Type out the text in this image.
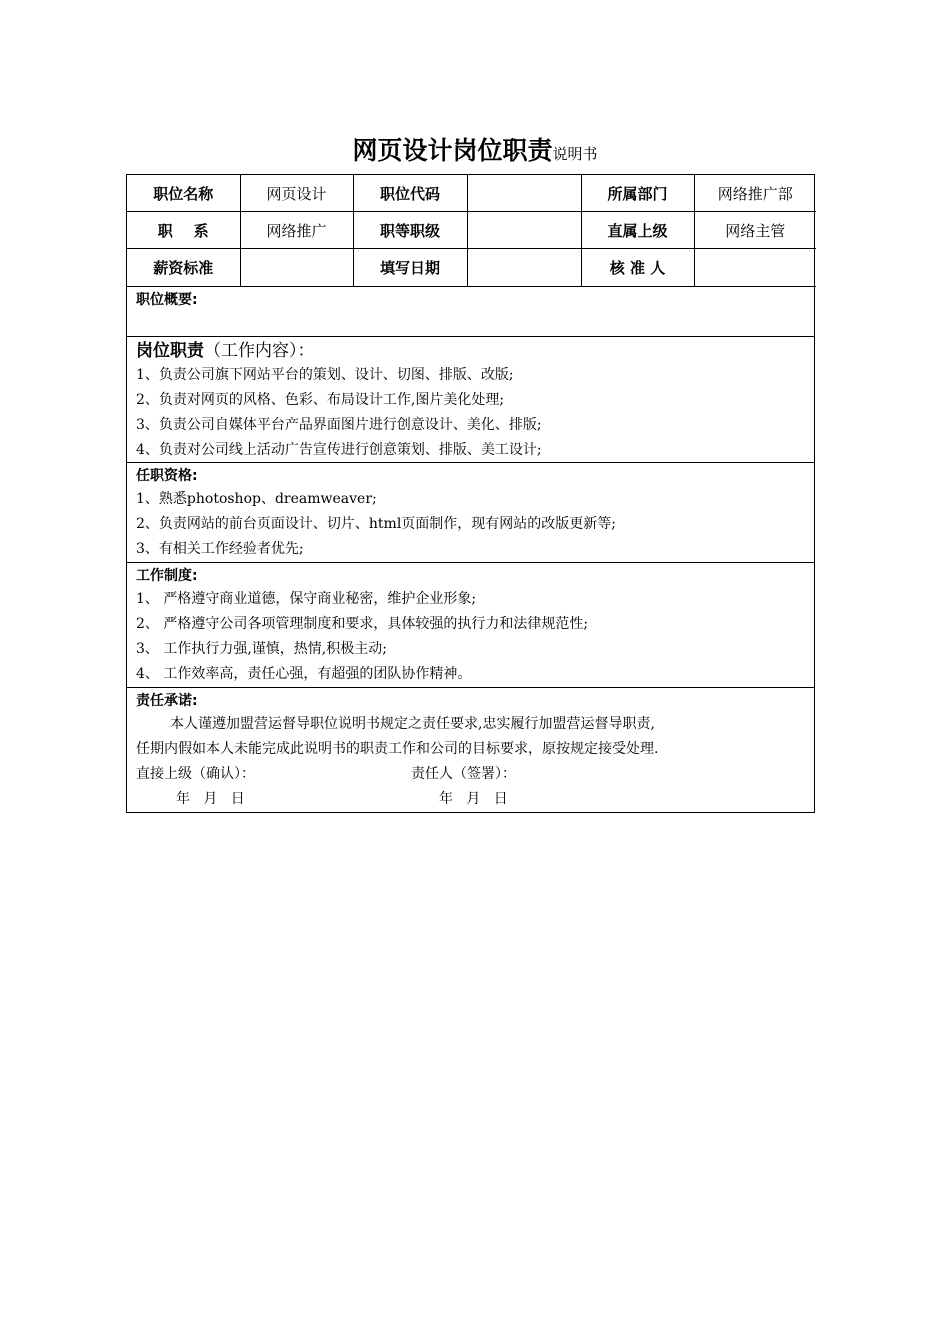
网页设计岗位职责说明书
职位名称	网页设计	职位代码		所属部门	网络推广部
职    系	网络推广	职等职级		直属上级	网络主管
薪资标准		填写日期		核 准 人	
职位概要:
岗位职责（工作内容）：
1、负责公司旗下网站平台的策划、设计、切图、排版、改版;
2、负责对网页的风格、色彩、布局设计工作,图片美化处理;
3、负责公司自媒体平台产品界面图片进行创意设计、美化、排版;
4、负责对公司线上活动广告宣传进行创意策划、排版、美工设计;
任职资格:
1、熟悉photoshop、dreamweaver;
2、负责网站的前台页面设计、切片、html页面制作，现有网站的改版更新等;
3、有相关工作经验者优先;
工作制度:
1、 严格遵守商业道德，保守商业秘密，维护企业形象;
2、 严格遵守公司各项管理制度和要求，具体较强的执行力和法律规范性;
3、 工作执行力强,谨慎，热情,积极主动;
4、 工作效率高，责任心强，有超强的团队协作精神。
责任承诺:
本人谨遵加盟营运督导职位说明书规定之责任要求,忠实履行加盟营运督导职责,
任期内假如本人未能完成此说明书的职责工作和公司的目标要求，原按规定接受处理.
直接上级（确认）：	责任人（签署）：
年   月   日	年   月   日
